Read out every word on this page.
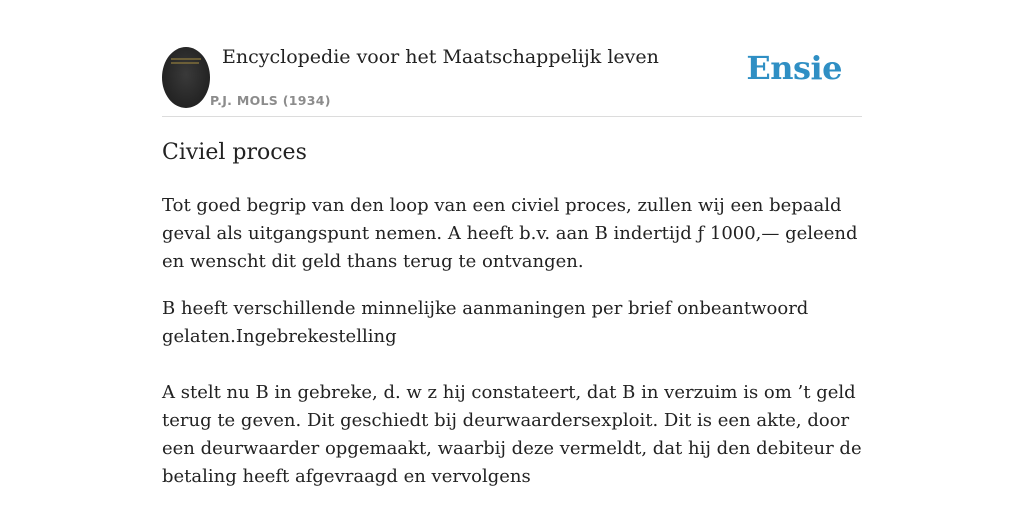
Encyclopedie voor het Maatschappelijk leven
P.J. MOLS (1934)
Ensie
Civiel proces

Tot goed begrip van den loop van een civiel proces, zullen wij een bepaald geval als uitgangspunt nemen. A heeft b.v. aan B indertijd ƒ 1000,— geleend en wenscht dit geld thans terug te ontvangen.

B heeft verschillende minnelijke aanmaningen per brief onbeantwoord gelaten.Ingebrekestelling

A stelt nu B in gebreke, d. w z hij constateert, dat B in verzuim is om ’t geld terug te geven. Dit geschiedt bij deurwaardersexploit. Dit is een akte, door een deurwaarder opgemaakt, waarbij deze vermeldt, dat hij den debiteur de betaling heeft afgevraagd en vervolgens
